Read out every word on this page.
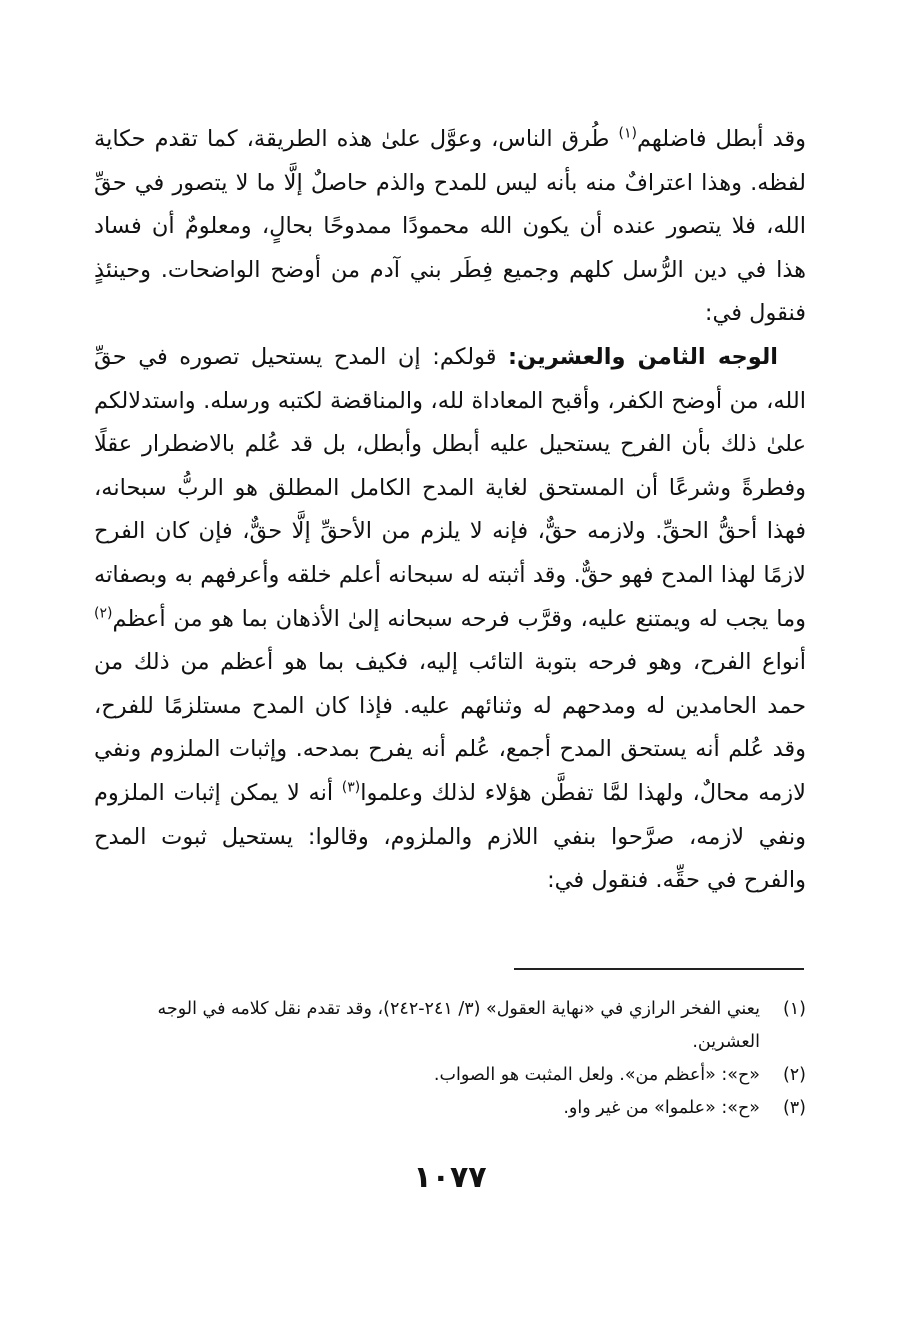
وقد أبطل فاضلهم$^{(١)}$ طُرق الناس، وعوَّل علىٰ هذه الطريقة، كما تقدم حكاية لفظه. وهذا اعترافٌ منه بأنه ليس للمدح والذم حاصلٌ إلَّا ما لا يتصور في حقِّ الله، فلا يتصور عنده أن يكون الله محمودًا ممدوحًا بحالٍ، ومعلومٌ أن فساد هذا في دين الرُّسل كلهم وجميع فِطَر بني آدم من أوضح الواضحات. وحينئذٍ فنقول في:

الوجه الثامن والعشرين: قولكم: إن المدح يستحيل تصوره في حقِّ الله، من أوضح الكفر، وأقبح المعاداة لله، والمناقضة لكتبه ورسله. واستدلالكم علىٰ ذلك بأن الفرح يستحيل عليه أبطل وأبطل، بل قد عُلم بالاضطرار عقلًا وفطرةً وشرعًا أن المستحق لغاية المدح الكامل المطلق هو الربُّ سبحانه، فهذا أحقُّ الحقِّ. ولازمه حقٌّ، فإنه لا يلزم من الأحقِّ إلَّا حقٌّ، فإن كان الفرح لازمًا لهذا المدح فهو حقٌّ. وقد أثبته له سبحانه أعلم خلقه وأعرفهم به وبصفاته وما يجب له ويمتنع عليه، وقرَّب فرحه سبحانه إلىٰ الأذهان بما هو من أعظم$^{(٢)}$ أنواع الفرح، وهو فرحه بتوبة التائب إليه، فكيف بما هو أعظم من ذلك من حمد الحامدين له ومدحهم له وثنائهم عليه. فإذا كان المدح مستلزمًا للفرح، وقد عُلم أنه يستحق المدح أجمع، عُلم أنه يفرح بمدحه. وإثبات الملزوم ونفي لازمه محالٌ، ولهذا لمَّا تفطَّن هؤلاء لذلك وعلموا$^{(٣)}$ أنه لا يمكن إثبات الملزوم ونفي لازمه، صرَّحوا بنفي اللازم والملزوم، وقالوا: يستحيل ثبوت المدح والفرح في حقِّه. فنقول في:

(١)
يعني الفخر الرازي في «نهاية العقول» (٣/ ٢٤١-٢٤٢)، وقد تقدم نقل كلامه في الوجه العشرين.
(٢)
«ح»: «أعظم من». ولعل المثبت هو الصواب.
(٣)
«ح»: «علموا» من غير واو.
١٠٧٧
